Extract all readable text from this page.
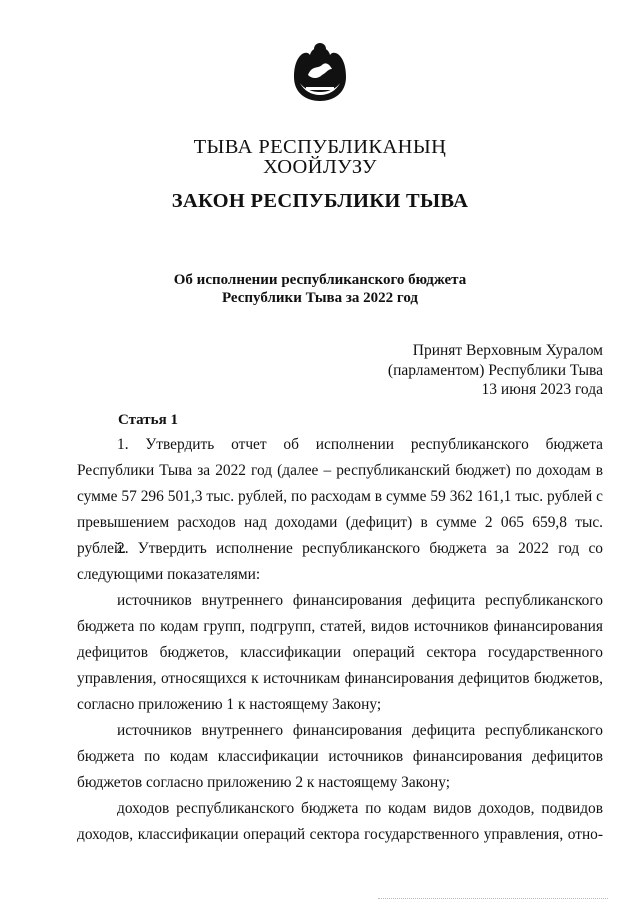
ТЫВА РЕСПУБЛИКАНЫҢ
ХООЙЛУЗУ
ЗАКОН РЕСПУБЛИКИ ТЫВА
Об исполнении республиканского бюджета
Республики Тыва за 2022 год
Принят Верховным Хуралом
(парламентом) Республики Тыва
13 июня 2023 года
Статья 1

1. Утвердить отчет об исполнении республиканского бюджета Республики Тыва за 2022 год (далее – республиканский бюджет) по доходам в сумме 57 296 501,3 тыс. рублей, по расходам в сумме 59 362 161,1 тыс. рублей с превышением расходов над доходами (дефицит) в сумме 2 065 659,8 тыс. рублей.

2. Утвердить исполнение республиканского бюджета за 2022 год со следующими показателями:

источников внутреннего финансирования дефицита республиканского бюджета по кодам групп, подгрупп, статей, видов источников финансирования дефицитов бюджетов, классификации операций сектора государственного управления, относящихся к источникам финансирования дефицитов бюджетов, согласно приложению 1 к настоящему Закону;

источников внутреннего финансирования дефицита республиканского бюджета по кодам классификации источников финансирования дефицитов бюджетов согласно приложению 2 к настоящему Закону;

доходов республиканского бюджета по кодам видов доходов, подвидов доходов, классификации операций сектора государственного управления, отно-
